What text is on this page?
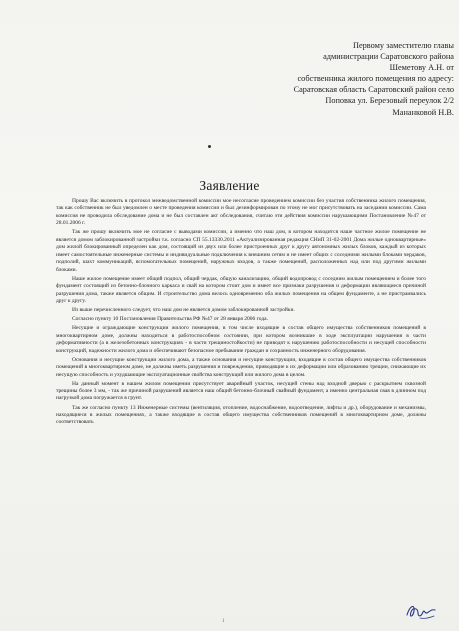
Первому заместителю главы
администрации Саратовского района
Шеметову А.Н. от
собственника жилого помещения по адресу:
Саратовская область Саратовский район село
Поповка ул. Березовый переулок 2/2
Мананковой Н.В.
Заявление

Прошу Вас включить в протокол межведомственной комиссии мое несогласие проведением комиссии без участия собственника жилого помещения, так как собственник не был уведомлен о месте проведения комиссии и был дезинформирован по этому не мог присутствовать на заседании комиссии. Сама комиссия не проводила обследование дома и не был составлен акт обследования, считаю эти действия комиссии нарушающими Постановление №47 от 28.01.2006 г.

Так же прошу включить мое не согласие с выводами комиссии, а именно что наш дом, в котором находится наше частное жилое помещение не является домом заблокированной застройки т.к. согласно СП 55.13330.2011 «Актуализированная редакция СНиП 31-02-2001 Дома жилые одноквартирные» дом жилой блокированный определен как дом, состоящий из двух или более пристроенных друг к другу автономных жилых блоков, каждый из которых имеет самостоятельные инженерные системы и индивидуальные подключения к внешним сетям и не имеет общих с соседними жилыми блоками чердаков, подполий, шахт коммуникаций, вспомогательных помещений, наружных входов, а также помещений, расположенных над или под другими жилыми блоками.

Наше жилое помещение имеет общий подпол, общий чердак, общую канализацию, общий водопровод с соседним жилым помещением и более того фундамент состоящий из бетонно-блочного каркаса и свай на котором стоит дом и имеет все признаки разрушения и деформации являющиеся причиной разрушения дома, также является общим. И строительство дома велось одновременно оба жилых помещения на общем фундаменте, а не пристраивались друг к другу.

Из выше перечисленного следует, что наш дом не является домом заблокированной застройки.

Согласно пункту 10 Постановления Правительства РФ №47 от 28 января 2006 года.

Несущие и ограждающие конструкции жилого помещения, в том числе входящие в состав общего имущества собственников помещений в многоквартирном доме, должны находиться в работоспособном состоянии, при котором возникшие в ходе эксплуатации нарушения в части деформативности (а в железобетонных конструкциях - в части трещиностойкости) не приводят к нарушению работоспособности и несущей способности конструкций, надежности жилого дома и обеспечивают безопасное пребывание граждан и сохранность инженерного оборудования.

Основания и несущие конструкции жилого дома, а также основания и несущие конструкции, входящие в состав общего имущества собственников помещений в многоквартирном доме, не должны иметь разрушения и повреждения, приводящие к их деформации или образованию трещин, снижающие их несущую способность и ухудшающие эксплуатационные свойства конструкций или жилого дома в целом.

На данный момент в нашем жилом помещении присутствует аварийный участок, несущей стены над входной дверью с раскрытием сквозной трещины более 3 мм, - так же причиной разрушений является наш общий бетонно-блочный свайный фундамент, а именно центральная свая в длинном под нагрузкой дома погружается в грунт.

Так же согласно пункту 13 Инженерные системы (вентиляция, отопление, водоснабжение, водоотведение, лифты и др.), оборудование и механизмы, находящиеся в жилых помещениях, а также входящие в состав общего имущества собственников помещений в многоквартирном доме, должны соответствовать

1
